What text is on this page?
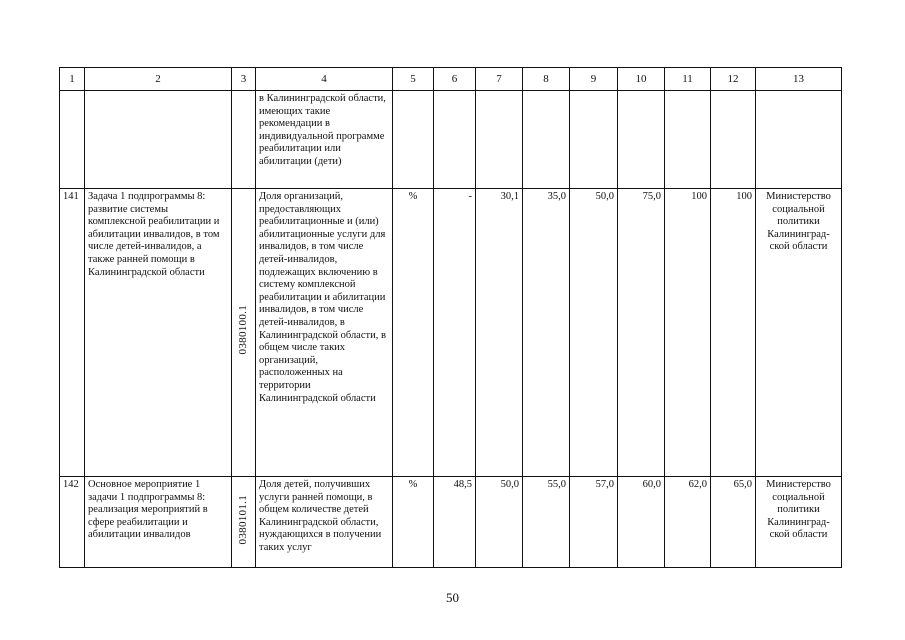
1	2	3	4	5	6	7	8	9	10	11	12	13
			в Калининградской области, имеющих такие рекомендации в индивидуальной программе реабилитации или абилитации (дети)									
141	Задача 1 подпрограммы 8: развитие системы комплексной реабилитации и абилитации инвалидов, в том числе детей-инвалидов, а также ранней помощи в Калининградской области	0380100.1	Доля организаций, предоставляющих реабилитационные и (или) абилитационные услуги для инвалидов, в том числе детей-инвалидов, подлежащих включению в систему комплексной реабилитации и абилитации инвалидов, в том числе детей-инвалидов, в Калининградской области, в общем числе таких организаций, расположенных на территории Калининградской области	%	-	30,1	35,0	50,0	75,0	100	100	Министерство социальной политики Калининград-ской области
142	Основное мероприятие 1 задачи 1 подпрограммы 8: реализация мероприятий в сфере реабилитации и абилитации инвалидов	0380101.1	Доля детей, получивших услуги ранней помощи, в общем количестве детей Калининградской области, нуждающихся в получении таких услуг	%	48,5	50,0	55,0	57,0	60,0	62,0	65,0	Министерство социальной политики Калининград-ской области
50
